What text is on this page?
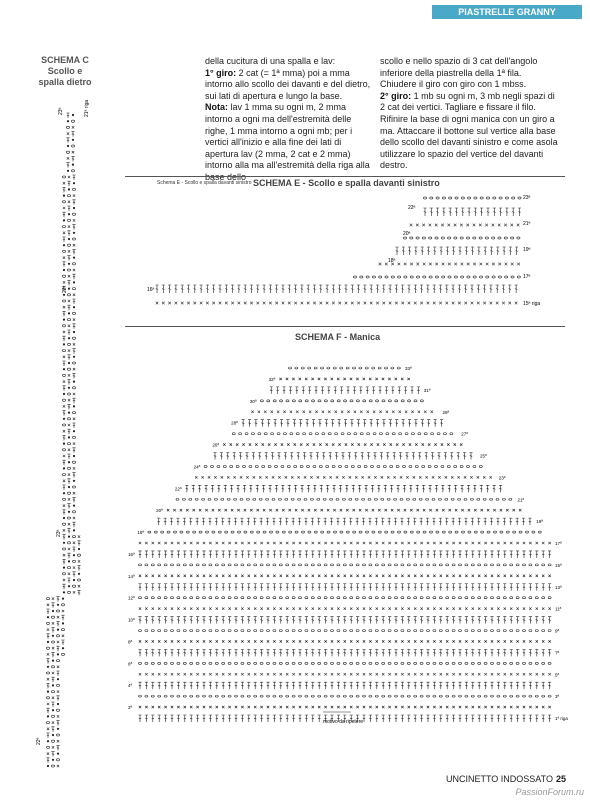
PIASTRELLE GRANNY
SCHEMA C
Scollo e
spalla dietro
23ª	21ª riga
22ª
23ª
22ª
della cucitura di una spalla e lav:
1° giro: 2 cat (= 1ª mma) poi a mma intorno allo scollo dei davanti e del dietro, sui lati di apertura e lungo la base.
Nota: lav 1 mma su ogni m, 2 mma intorno a ogni ma dell'estremità delle righe, 1 mma intorno a ogni mb; per i vertici all'inizio e alla fine dei lati di apertura lav (2 mma, 2 cat e 2 mma) intorno alla ma all'estremità della riga alla base dello
scollo e nello spazio di 3 cat dell'angolo inferiore della piastrella della 1ª fila. Chiudere il giro con giro con 1 mbss.
2° giro: 1 mb su ogni m, 3 mb negli spazi di 2 cat dei vertici. Tagliare e fissare il filo. Rifinire la base di ogni manica con un giro a ma. Attaccare il bottone sul vertice alla base dello scollo del davanti sinistro e come asola utilizzare lo spazio del vertice del davanti destro.
Schema E - Scollo e spalla davanti sinistro SCHEMA E - Scollo e spalla davanti sinistro
22ª
20ª
18ª
16ª
23ª
21ª
19ª
17ª
15ª riga
SCHEMA F - Manica
33ª
32ª
31ª
30ª
29ª
28ª
27ª
26ª
25ª
24ª
23ª
22ª
21ª
20ª
19ª
18ª
17ª
16ª
15ª
14ª
13ª
12ª
11ª
10ª
9ª
8ª
7ª
6ª
5ª
4ª
3ª
2ª
1ª riga
motivo da ripetere
UNCINETTO INDOSSATO 25
PassionForum.ru
